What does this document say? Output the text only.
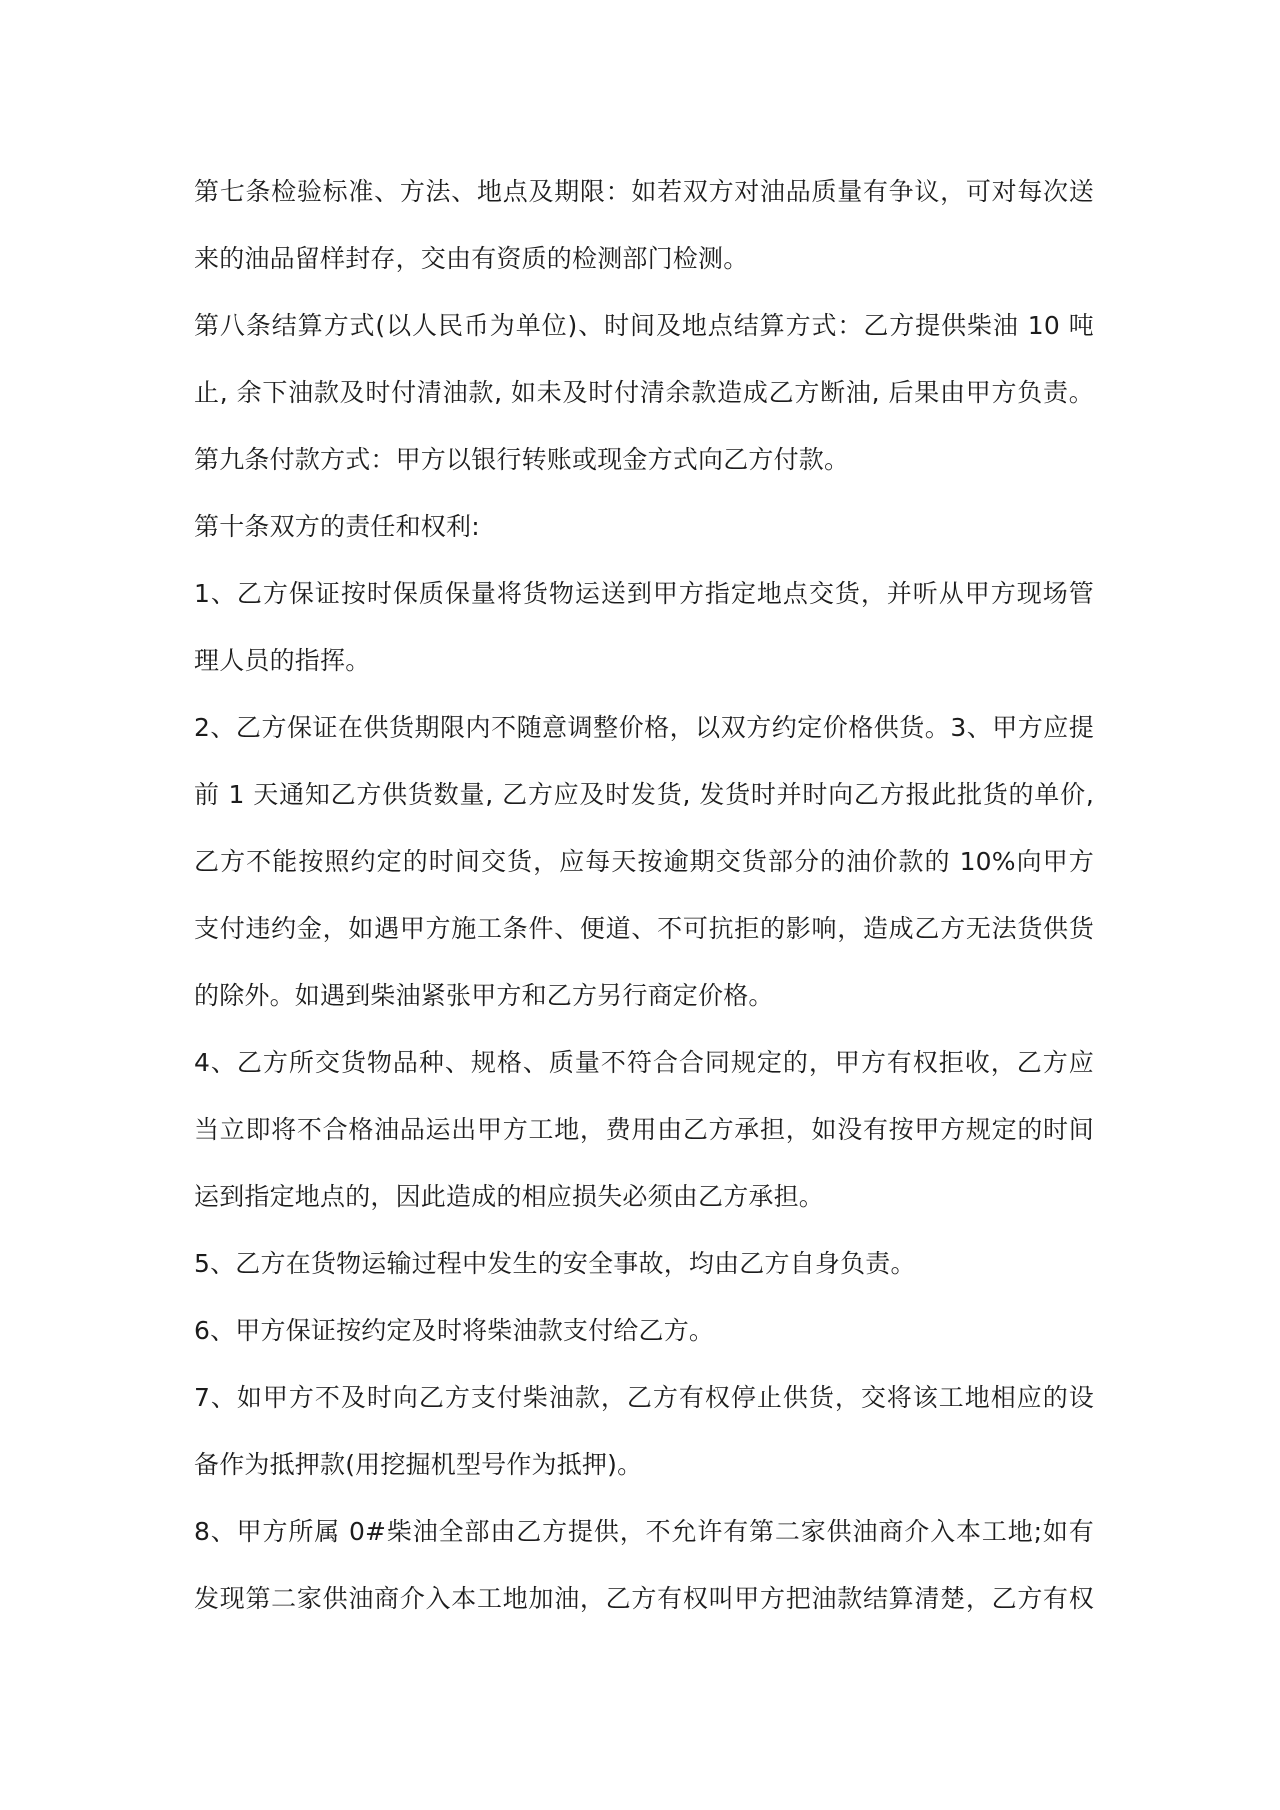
第七条检验标准、方法、地点及期限：如若双方对油品质量有争议，可对每次送
来的油品留样封存，交由有资质的检测部门检测。
第八条结算方式(以人民币为单位)、时间及地点结算方式：乙方提供柴油 10 吨
止, 余下油款及时付清油款, 如未及时付清余款造成乙方断油, 后果由甲方负责。
第九条付款方式：甲方以银行转账或现金方式向乙方付款。
第十条双方的责任和权利:
1、乙方保证按时保质保量将货物运送到甲方指定地点交货，并听从甲方现场管
理人员的指挥。
2、乙方保证在供货期限内不随意调整价格，以双方约定价格供货。3、甲方应提
前 1 天通知乙方供货数量, 乙方应及时发货, 发货时并时向乙方报此批货的单价,
乙方不能按照约定的时间交货，应每天按逾期交货部分的油价款的 10%向甲方
支付违约金，如遇甲方施工条件、便道、不可抗拒的影响，造成乙方无法货供货
的除外。如遇到柴油紧张甲方和乙方另行商定价格。
4、乙方所交货物品种、规格、质量不符合合同规定的，甲方有权拒收，乙方应
当立即将不合格油品运出甲方工地，费用由乙方承担，如没有按甲方规定的时间
运到指定地点的，因此造成的相应损失必须由乙方承担。
5、乙方在货物运输过程中发生的安全事故，均由乙方自身负责。
6、甲方保证按约定及时将柴油款支付给乙方。
7、如甲方不及时向乙方支付柴油款，乙方有权停止供货，交将该工地相应的设
备作为抵押款(用挖掘机型号作为抵押)。
8、甲方所属 0#柴油全部由乙方提供，不允许有第二家供油商介入本工地;如有
发现第二家供油商介入本工地加油，乙方有权叫甲方把油款结算清楚，乙方有权
